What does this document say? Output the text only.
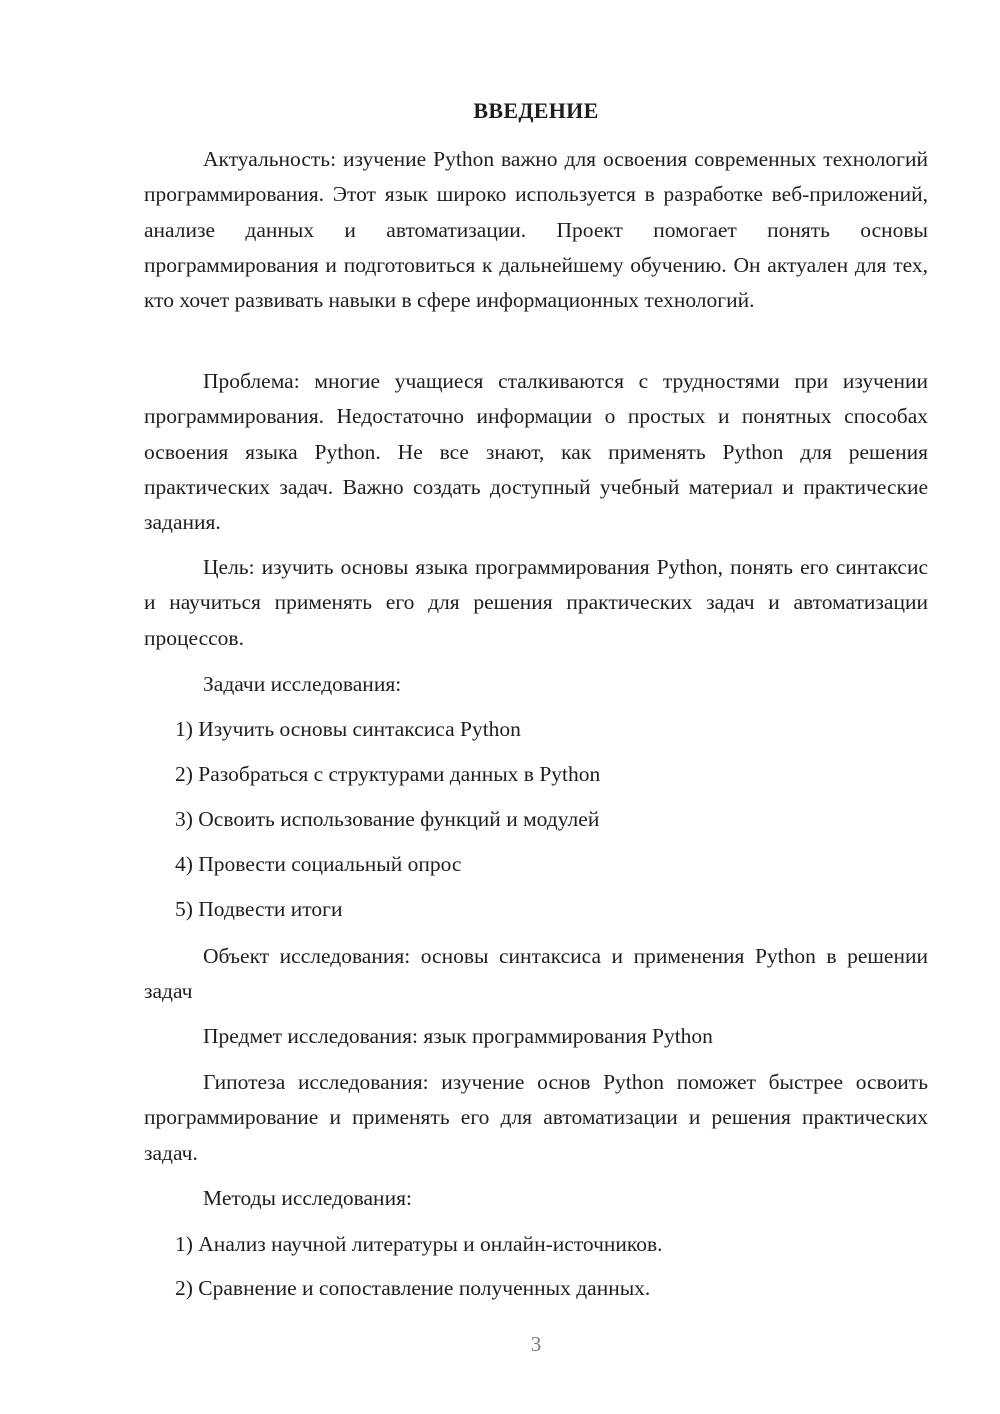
ВВЕДЕНИЕ
Актуальность: изучение Python важно для освоения современных технологий программирования. Этот язык широко используется в разработке веб-приложений, анализе данных и автоматизации. Проект помогает понять основы программирования и подготовиться к дальнейшему обучению. Он актуален для тех, кто хочет развивать навыки в сфере информационных технологий.
Проблема: многие учащиеся сталкиваются с трудностями при изучении программирования. Недостаточно информации о простых и понятных способах освоения языка Python. Не все знают, как применять Python для решения практических задач. Важно создать доступный учебный материал и практические задания.
Цель: изучить основы языка программирования Python, понять его синтаксис и научиться применять его для решения практических задач и автоматизации процессов.
Задачи исследования:
1) Изучить основы синтаксиса Python
2) Разобраться с структурами данных в Python
3) Освоить использование функций и модулей
4) Провести социальный опрос
5) Подвести итоги
Объект исследования: основы синтаксиса и применения Python в решении задач
Предмет исследования: язык программирования Python
Гипотеза исследования: изучение основ Python поможет быстрее освоить программирование и применять его для автоматизации и решения практических задач.
Методы исследования:
1) Анализ научной литературы и онлайн-источников.
2) Сравнение и сопоставление полученных данных.
3
